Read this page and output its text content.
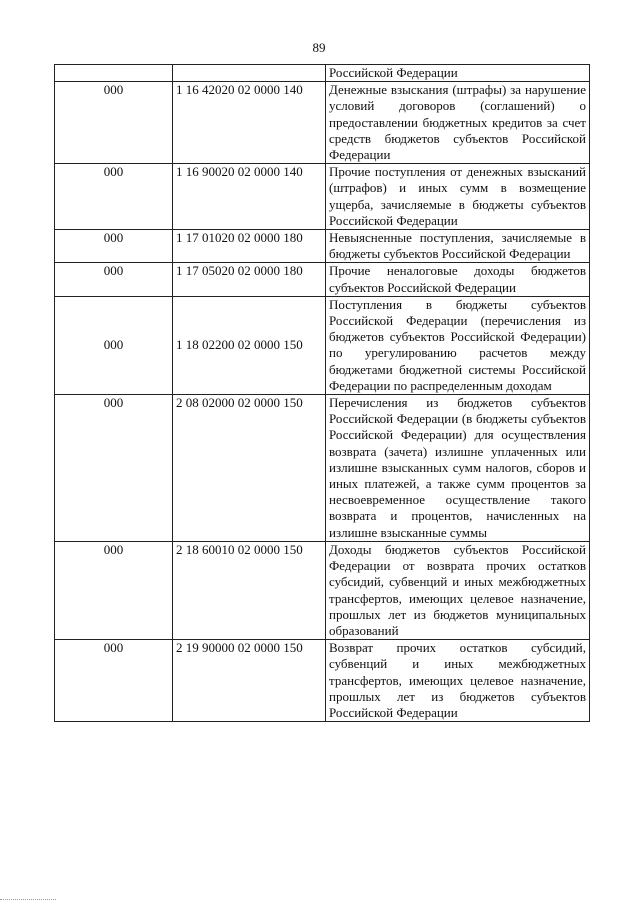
89
		Российской Федерации
000	1 16 42020 02 0000 140	Денежные взыскания (штрафы) за нарушение условий договоров (соглашений) о предоставлении бюджетных кредитов за счет средств бюджетов субъектов Российской Федерации
000	1 16 90020 02 0000 140	Прочие поступления от денежных взысканий (штрафов) и иных сумм в возмещение ущерба, зачисляемые в бюджеты субъектов Российской Федерации
000	1 17 01020 02 0000 180	Невыясненные поступления, зачисляемые в бюджеты субъектов Российской Федерации
000	1 17 05020 02 0000 180	Прочие неналоговые доходы бюджетов субъектов Российской Федерации
000	1 18 02200 02 0000 150	Поступления в бюджеты субъектов Российской Федерации (перечисления из бюджетов субъектов Российской Федерации) по урегулированию расчетов между бюджетами бюджетной системы Российской Федерации по распределенным доходам
000	2 08 02000 02 0000 150	Перечисления из бюджетов субъектов Российской Федерации (в бюджеты субъектов Российской Федерации) для осуществления возврата (зачета) излишне уплаченных или излишне взысканных сумм налогов, сборов и иных платежей, а также сумм процентов за несвоевременное осуществление такого возврата и процентов, начисленных на излишне взысканные суммы
000	2 18 60010 02 0000 150	Доходы бюджетов субъектов Российской Федерации от возврата прочих остатков субсидий, субвенций и иных межбюджетных трансфертов, имеющих целевое назначение, прошлых лет из бюджетов муниципальных образований
000	2 19 90000 02 0000 150	Возврат прочих остатков субсидий, субвенций и иных межбюджетных трансфертов, имеющих целевое назначение, прошлых лет из бюджетов субъектов Российской Федерации
